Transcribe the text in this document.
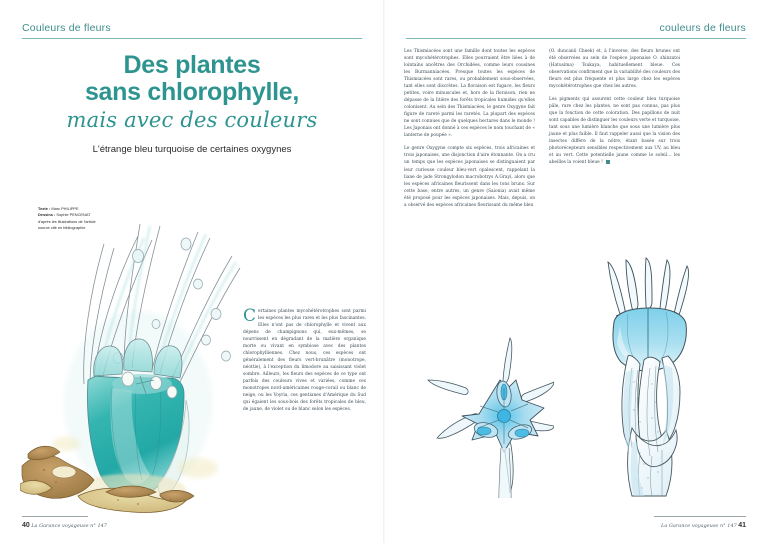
Couleurs de fleurs	couleurs de fleurs
Des plantes
sans chlorophylle,
mais avec des couleurs
L'étrange bleu turquoise de certaines oxygynes
Texte : Marc PHILIPPE
Dessins : Sophie PENCENAT
d'après les illustrations de l'article
source cité en bibliographie

Certaines plantes mycohétérotrophes sont parmi les espèces les plus rares et les plus fascinantes. Elles n'ont pas de chlorophylle et vivent aux dépens de champignons qui, eux-mêmes, se nourrissent en dégradant de la matière organique morte ou vivant en symbiose avec des plantes chlorophylliennes. Chez nous, ces espèces ont généralement des fleurs vert-brunâtre (monotrope, néottie), à l'exception du limodore au saisissant violet sombre. Ailleurs, les fleurs des espèces de ce type ont parfois des couleurs vives et variées, comme ces monotropes nord-américaines rouge-corail ou blanc de neige, ou les Voyria, ces gentianes d'Amérique du Sud qui égaient les sous-bois des forêts tropicales de bleu, de jaune, de violet ou de blanc selon les espèces.

Les Thismiacées sont une famille dont toutes les espèces sont mycohétérotrophes. Elles pourraient être liées à de lointains ancêtres des Orchidées, comme leurs cousines les Burmanniacées. Presque toutes les espèces de Thismiacées sont rares, ou probablement sous-observées, tant elles sont discrètes. La floraison est fugace, les fleurs petites, voire minuscules et, hors de la floraison, rien ne dépasse de la litière des forêts tropicales humides qu'elles colonisent. Au sein des Thismiacées, le genre Oxygyne fait figure de rareté parmi les raretés. La plupart des espèces ne sont connues que de quelques hectares dans le monde ! Les Japonais ont donné à ces espèces le nom touchant de « lanterne de poupée ».

Le genre Oxygyne compte six espèces, trois africaines et trois japonaises, une disjonction d'aire étonnante. On a cru un temps que les espèces japonaises se distinguaient par leur curieuse couleur bleu-vert opalescent, rappelant la liane de jade Strongylodon macrobotrys A.Grayi, alors que les espèces africaines fleurissent dans les tons bruns. Sur cette base, entre autres, un genre (Saionia) avait même été proposé pour les espèces japonaises. Mais, depuis, on a observé des espèces africaines fleurissant du même bleu

(O. duncanii Cheek) et, à l'inverse, des fleurs brunes ont été observées au sein de l'espèce japonaise O. shinzatoi (Hatusima) Tsukaya, habituellement bleue. Ces observations confirment que la variabilité des couleurs des fleurs est plus fréquente et plus large chez les espèces mycohétérotrophes que chez les autres.

Les pigments qui assurent cette couleur bleu turquoise pâle, rare chez les plantes, ne sont pas connus, pas plus que la fonction de cette coloration. Des papillons de nuit sont capables de distinguer les couleurs verte et turquoise, tant sous une lumière blanche que sous une lumière plus jaune et plus faible. Il faut rappeler aussi que la vision des insectes diffère de la nôtre, étant basée sur trois photorécepteurs sensibles respectivement aux UV, au bleu et au vert. Cette potentielle jaune comme le soleil… les abeilles la voient bleue !

40 La Garance voyageuse n° 147	La Garance voyageuse n° 147 41
